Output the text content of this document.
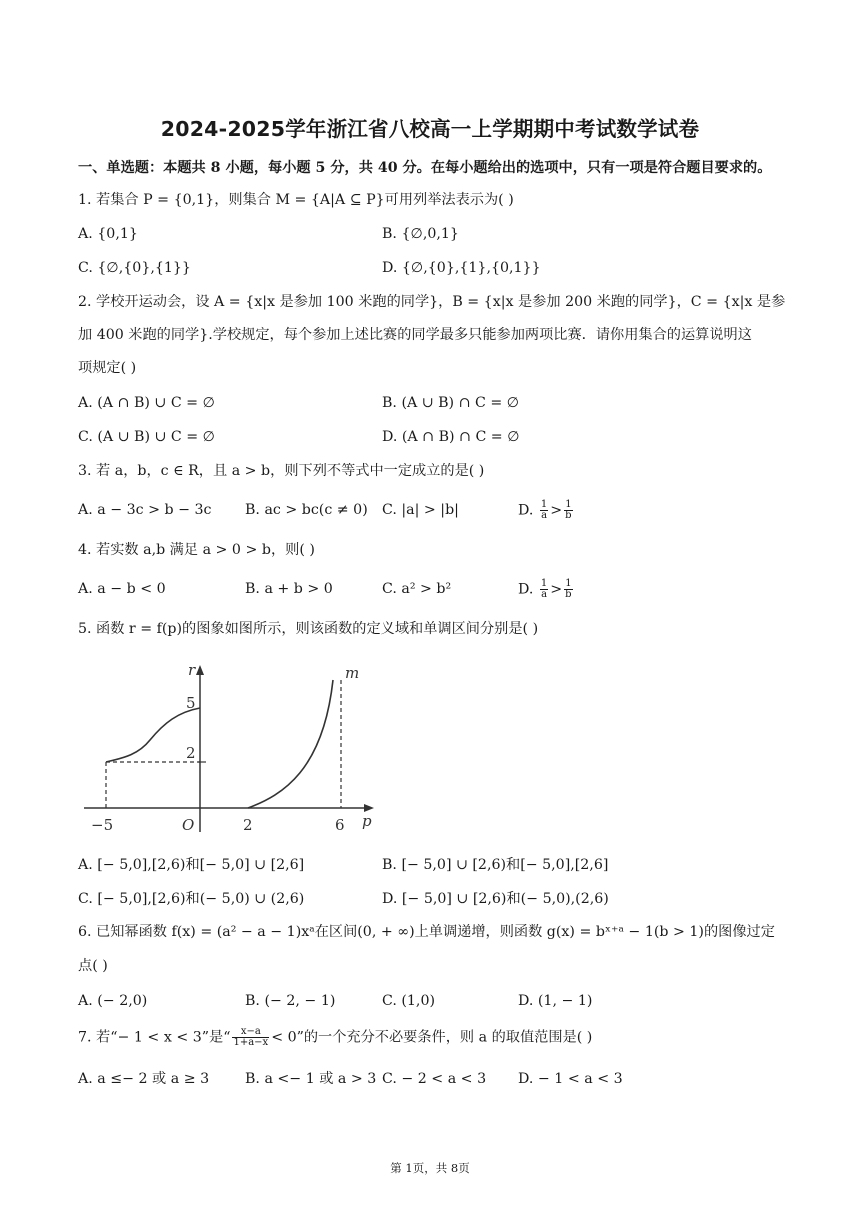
2024-2025学年浙江省八校高一上学期期中考试数学试卷
一、单选题：本题共 8 小题，每小题 5 分，共 40 分。在每小题给出的选项中，只有一项是符合题目要求的。
1. 若集合 P = {0,1}，则集合 M = {A|A ⊆ P}可用列举法表示为( )
A. {0,1}	B. {∅,0,1}
C. {∅,{0},{1}}	D. {∅,{0},{1},{0,1}}
2. 学校开运动会，设 A = {x|x 是参加 100 米跑的同学}，B = {x|x 是参加 200 米跑的同学}，C = {x|x 是参
加 400 米跑的同学}.学校规定，每个参加上述比赛的同学最多只能参加两项比赛．请你用集合的运算说明这
项规定( )
A. (A ∩ B) ∪ C = ∅	B. (A ∪ B) ∩ C = ∅
C. (A ∪ B) ∪ C = ∅	D. (A ∩ B) ∩ C = ∅
3. 若 a，b，c ∈ R，且 a > b，则下列不等式中一定成立的是( )
A. a − 3c > b − 3c B. ac > bc(c ≠ 0) C. |a| > |b|	D. $\frac{1}{a} > \frac{1}{b}$
4. 若实数 a,b 满足 a > 0 > b，则( )
A. a − b < 0	B. a + b > 0	C. a² > b²	D. $\frac{1}{a} > \frac{1}{b}$
5. 函数 r = f(p)的图象如图所示，则该函数的定义域和单调区间分别是( )
r
p
m
−5	O	2	6
5
2
A. [− 5,0],[2,6)和[− 5,0] ∪ [2,6]	B. [− 5,0] ∪ [2,6)和[− 5,0],[2,6]
C. [− 5,0],[2,6)和(− 5,0) ∪ (2,6)	D. [− 5,0] ∪ [2,6)和(− 5,0),(2,6)
6. 已知幂函数 f(x) = (a² − a − 1)xᵃ在区间(0, + ∞)上单调递增，则函数 g(x) = bˣ⁺ᵃ − 1(b > 1)的图像过定
点( )
A. (− 2,0)	B. (− 2, − 1)	C. (1,0)	D. (1, − 1)
7. 若“− 1 < x < 3”是“ $\frac{x-a}{1+a-x} < 0$”的一个充分不必要条件，则 a 的取值范围是( )
A. a ≤− 2 或 a ≥ 3	B. a <− 1 或 a > 3 C. − 2 < a < 3 D. − 1 < a < 3
第 1页，共 8页
